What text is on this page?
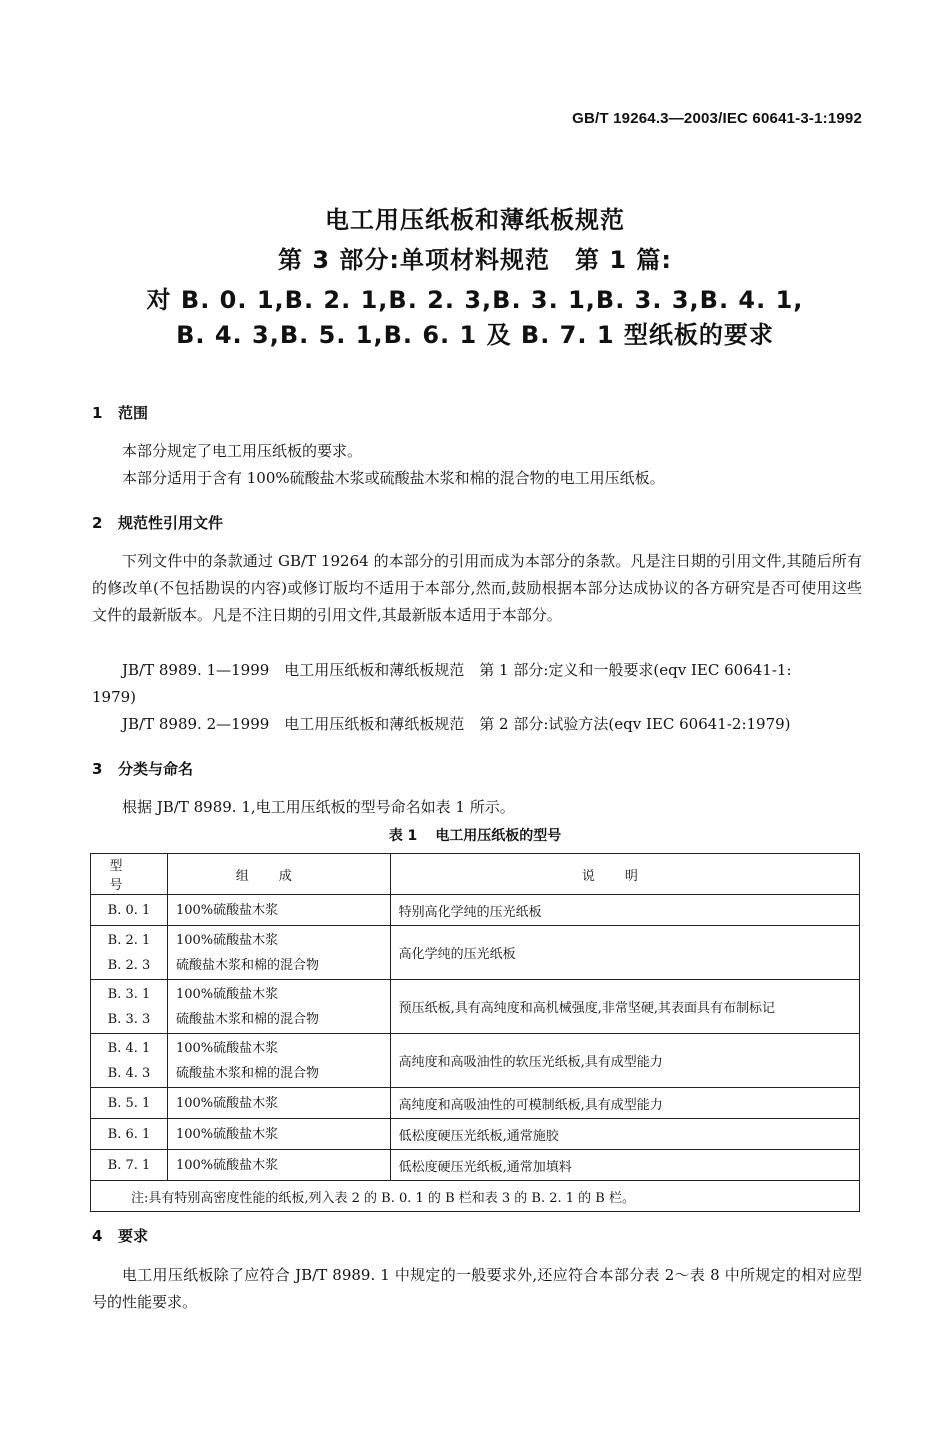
GB/T 19264.3—2003/IEC 60641-3-1:1992
电工用压纸板和薄纸板规范
第 3 部分:单项材料规范　第 1 篇:
对 B. 0. 1,B. 2. 1,B. 2. 3,B. 3. 1,B. 3. 3,B. 4. 1,
B. 4. 3,B. 5. 1,B. 6. 1 及 B. 7. 1 型纸板的要求
1 范围
本部分规定了电工用压纸板的要求。
本部分适用于含有 100%硫酸盐木浆或硫酸盐木浆和棉的混合物的电工用压纸板。
2 规范性引用文件
下列文件中的条款通过 GB/T 19264 的本部分的引用而成为本部分的条款。凡是注日期的引用文件,其随后所有的修改单(不包括勘误的内容)或修订版均不适用于本部分,然而,鼓励根据本部分达成协议的各方研究是否可使用这些文件的最新版本。凡是不注日期的引用文件,其最新版本适用于本部分。
JB/T 8989. 1—1999　电工用压纸板和薄纸板规范　第 1 部分:定义和一般要求(eqv IEC 60641-1:
1979)
JB/T 8989. 2—1999　电工用压纸板和薄纸板规范　第 2 部分:试验方法(eqv IEC 60641-2:1979)
3 分类与命名
根据 JB/T 8989. 1,电工用压纸板的型号命名如表 1 所示。
表 1 电工用压纸板的型号
型号	组成	说明

B. 0. 1	100%硫酸盐木浆	特别高化学纯的压光纸板

B. 2. 1
B. 2. 3	100%硫酸盐木浆
硫酸盐木浆和棉的混合物	高化学纯的压光纸板

B. 3. 1
B. 3. 3	100%硫酸盐木浆
硫酸盐木浆和棉的混合物	预压纸板,具有高纯度和高机械强度,非常坚硬,其表面具有布制标记

B. 4. 1
B. 4. 3	100%硫酸盐木浆
硫酸盐木浆和棉的混合物	高纯度和高吸油性的软压光纸板,具有成型能力

B. 5. 1	100%硫酸盐木浆	高纯度和高吸油性的可模制纸板,具有成型能力

B. 6. 1	100%硫酸盐木浆	低松度硬压光纸板,通常施胶

B. 7. 1	100%硫酸盐木浆	低松度硬压光纸板,通常加填料
注:具有特别高密度性能的纸板,列入表 2 的 B. 0. 1 的 B 栏和表 3 的 B. 2. 1 的 B 栏。		
4 要求
电工用压纸板除了应符合 JB/T 8989. 1 中规定的一般要求外,还应符合本部分表 2～表 8 中所规定的相对应型号的性能要求。
